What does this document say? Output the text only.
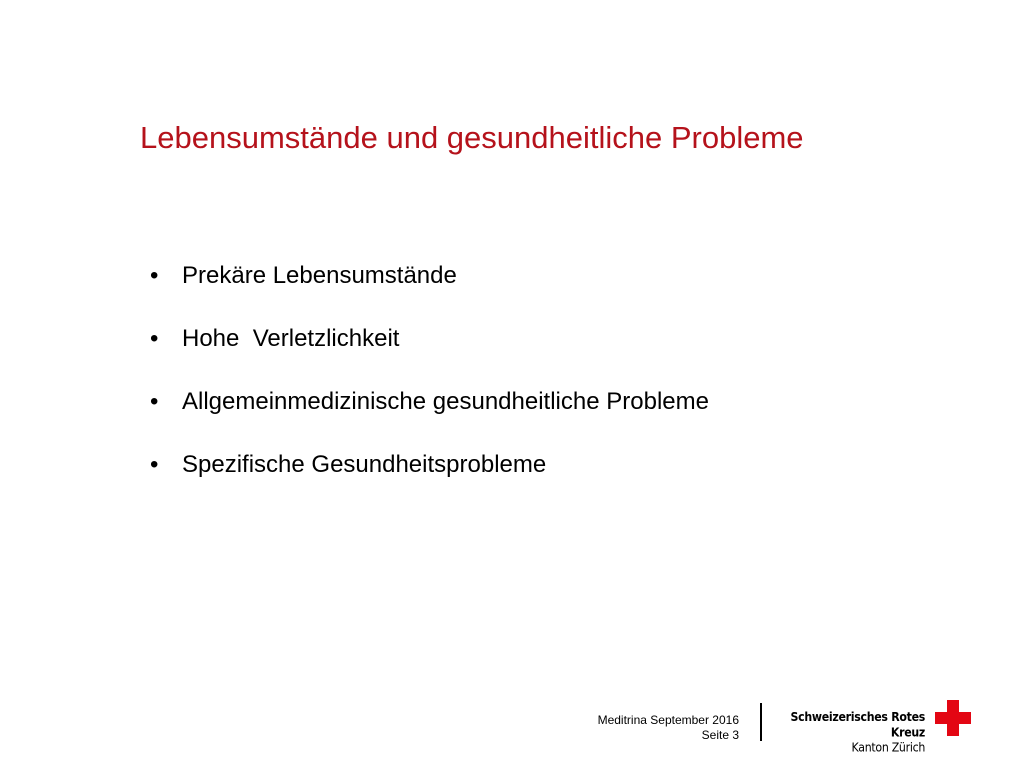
Lebensumstände und gesundheitliche Probleme
• Prekäre Lebensumstände
• Hohe  Verletzlichkeit
• Allgemeinmedizinische gesundheitliche Probleme
• Spezifische Gesundheitsprobleme
Meditrina September 2016
Seite 3
Schweizerisches Rotes Kreuz
Kanton Zürich
